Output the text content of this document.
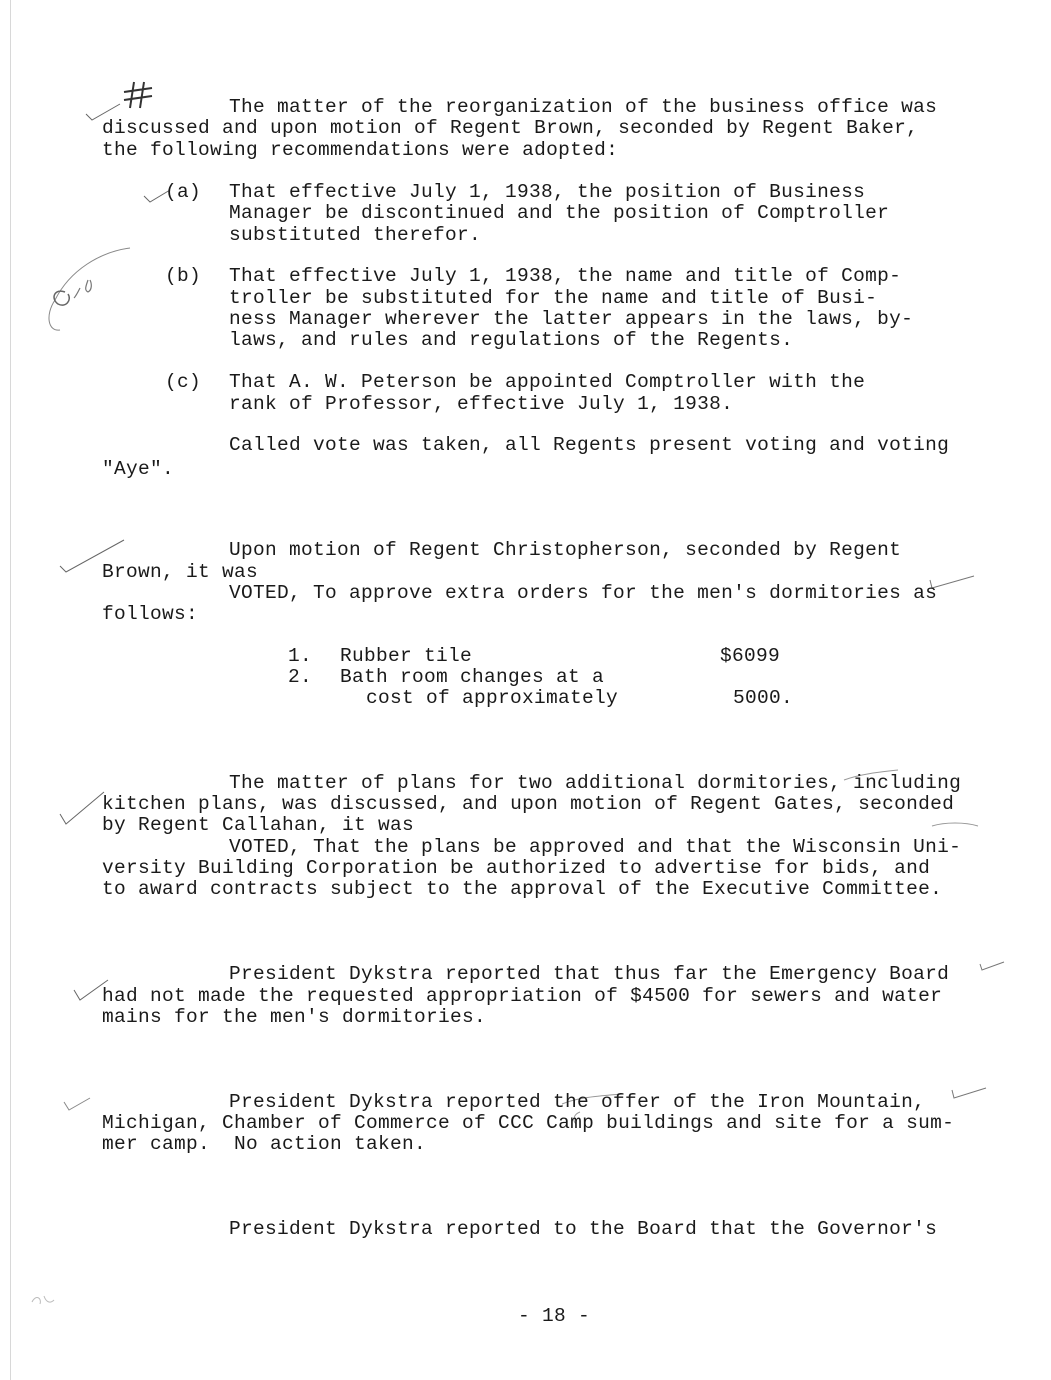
The matter of the reorganization of the business office was
discussed and upon motion of Regent Brown, seconded by Regent Baker,
the following recommendations were adopted:
(a) That effective July 1, 1938, the position of Business
Manager be discontinued and the position of Comptroller
substituted therefor.
(b) That effective July 1, 1938, the name and title of Comp-
troller be substituted for the name and title of Busi-
ness Manager wherever the latter appears in the laws, by-
laws, and rules and regulations of the Regents.
(c) That A. W. Peterson be appointed Comptroller with the
rank of Professor, effective July 1, 1938.
Called vote was taken, all Regents present voting and voting
"Aye".
Upon motion of Regent Christopherson, seconded by Regent
Brown, it was
VOTED, To approve extra orders for the men's dormitories as
follows:
1. Rubber tile	$6099
2. Bath room changes at a
cost of approximately	5000.
The matter of plans for two additional dormitories, including
kitchen plans, was discussed, and upon motion of Regent Gates, seconded
by Regent Callahan, it was
VOTED, That the plans be approved and that the Wisconsin Uni-
versity Building Corporation be authorized to advertise for bids, and
to award contracts subject to the approval of the Executive Committee.
President Dykstra reported that thus far the Emergency Board
had not made the requested appropriation of $4500 for sewers and water
mains for the men's dormitories.
President Dykstra reported the offer of the Iron Mountain,
Michigan, Chamber of Commerce of CCC Camp buildings and site for a sum-
mer camp.  No action taken.
President Dykstra reported to the Board that the Governor's
- 18 -
